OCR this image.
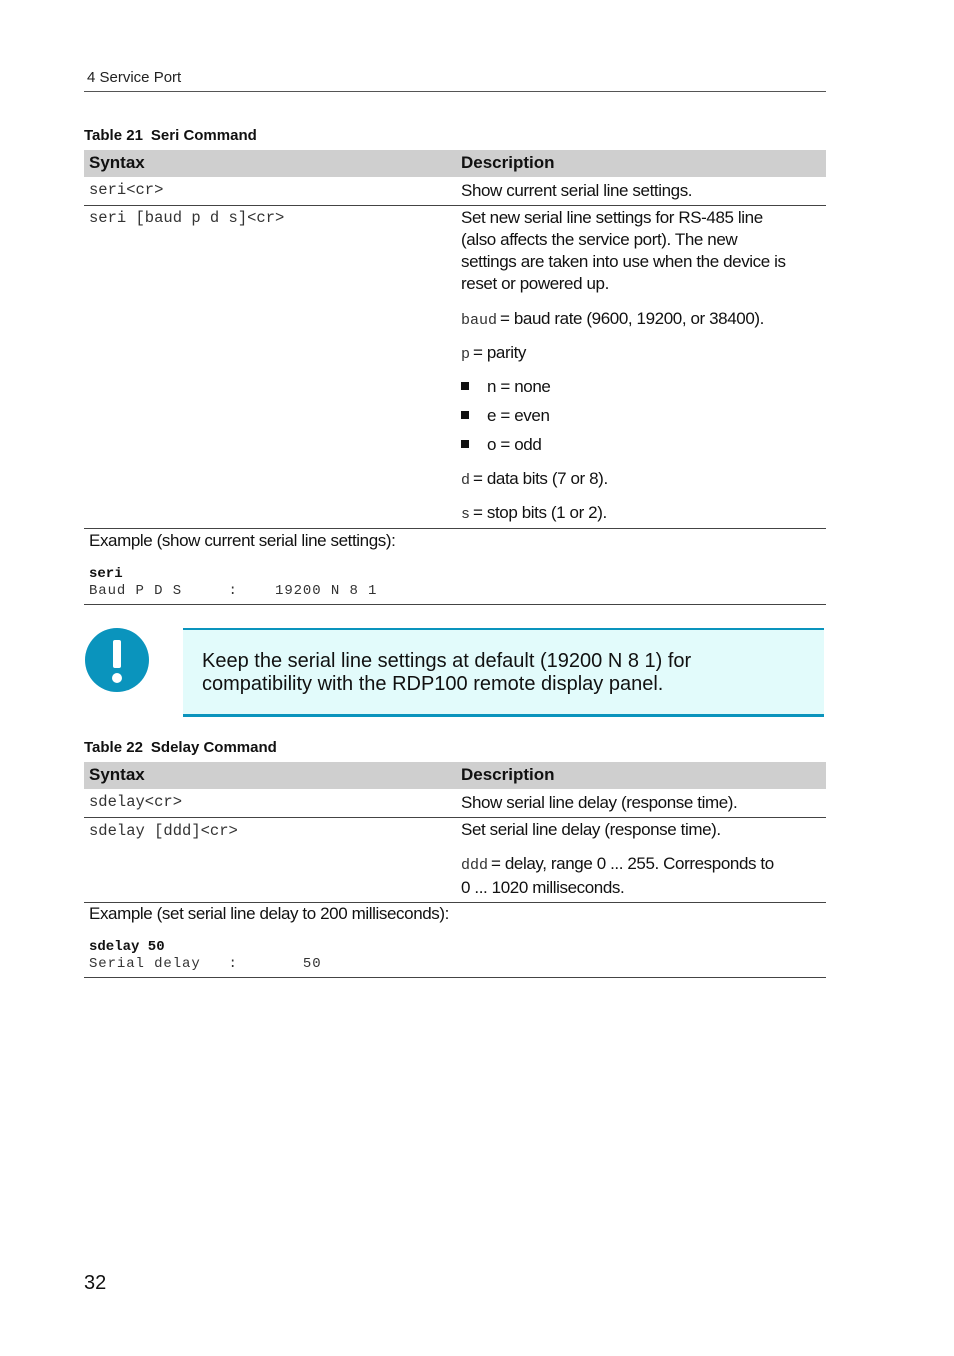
4 Service Port
Table 21 Seri Command
Syntax	Description
seri<cr>	Show current serial line settings.
seri [baud p d s]<cr>	Set new serial line settings for RS-485 line
(also affects the service port). The new
settings are taken into use when the device is
reset or powered up.
baud = baud rate (9600, 19200, or 38400).
p = parity
n = none
e = even
o = odd
d = data bits (7 or 8).
s = stop bits (1 or 2).
Example (show current serial line settings):
seri
Baud P D S     :    19200 N 8 1
Keep the serial line settings at default (19200 N 8 1) for
compatibility with the RDP100 remote display panel.
Table 22 Sdelay Command
Syntax	Description
sdelay<cr>	Show serial line delay (response time).
sdelay [ddd]<cr>	Set serial line delay (response time).
ddd = delay, range 0 ... 255. Corresponds to
0 ... 1020 milliseconds.
Example (set serial line delay to 200 milliseconds):
sdelay 50
Serial delay   :       50
32
